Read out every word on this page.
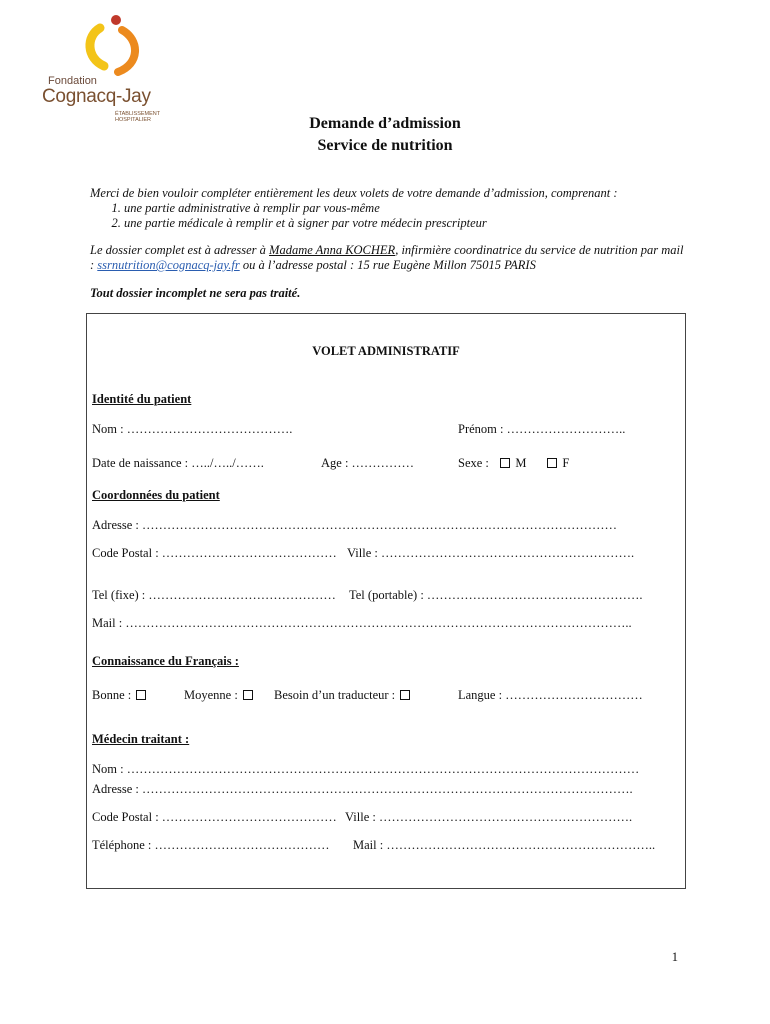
Fondation
Cognacq-Jay
ÉTABLISSEMENT HOSPITALIER	Demande d’admission
Service de nutrition

Merci de bien vouloir compléter entièrement les deux volets de votre demande d’admission, comprenant :

1. une partie administrative à remplir par vous-même
2. une partie médicale à remplir et à signer par votre médecin prescripteur

Le dossier complet est à adresser à Madame Anna KOCHER, infirmière coordinatrice du service de nutrition par mail : ssrnutrition@cognacq-jay.fr ou à l’adresse postal : 15 rue Eugène Millon 75015 PARIS

Tout dossier incomplet ne sera pas traité.
VOLET ADMINISTRATIF
Identité du patient
Nom : ………………………………….	Prénom : ………………………..
Date de naissance : …../…../…….	Age : ……………	Sexe : M	F
Coordonnées du patient
Adresse : ……………………………………………………………………………………………………
Code Postal : …………………………………… Ville : …………………………………………………….
Tel (fixe) : ……………………………………… Tel (portable) : …………………………………………….
Mail : …………………………………………………………………………………………………………..
Connaissance du Français :
Bonne :	Moyenne :	Besoin d’un traducteur :	Langue : ……………………………
Médecin traitant :
Nom : ……………………………………………………………………………………………………………
Adresse : ……………………………………………………………………………………………………….
Code Postal : …………………………………… Ville : …………………………………………………….
Téléphone : …………………………………… Mail : ………………………………………………………..
1
